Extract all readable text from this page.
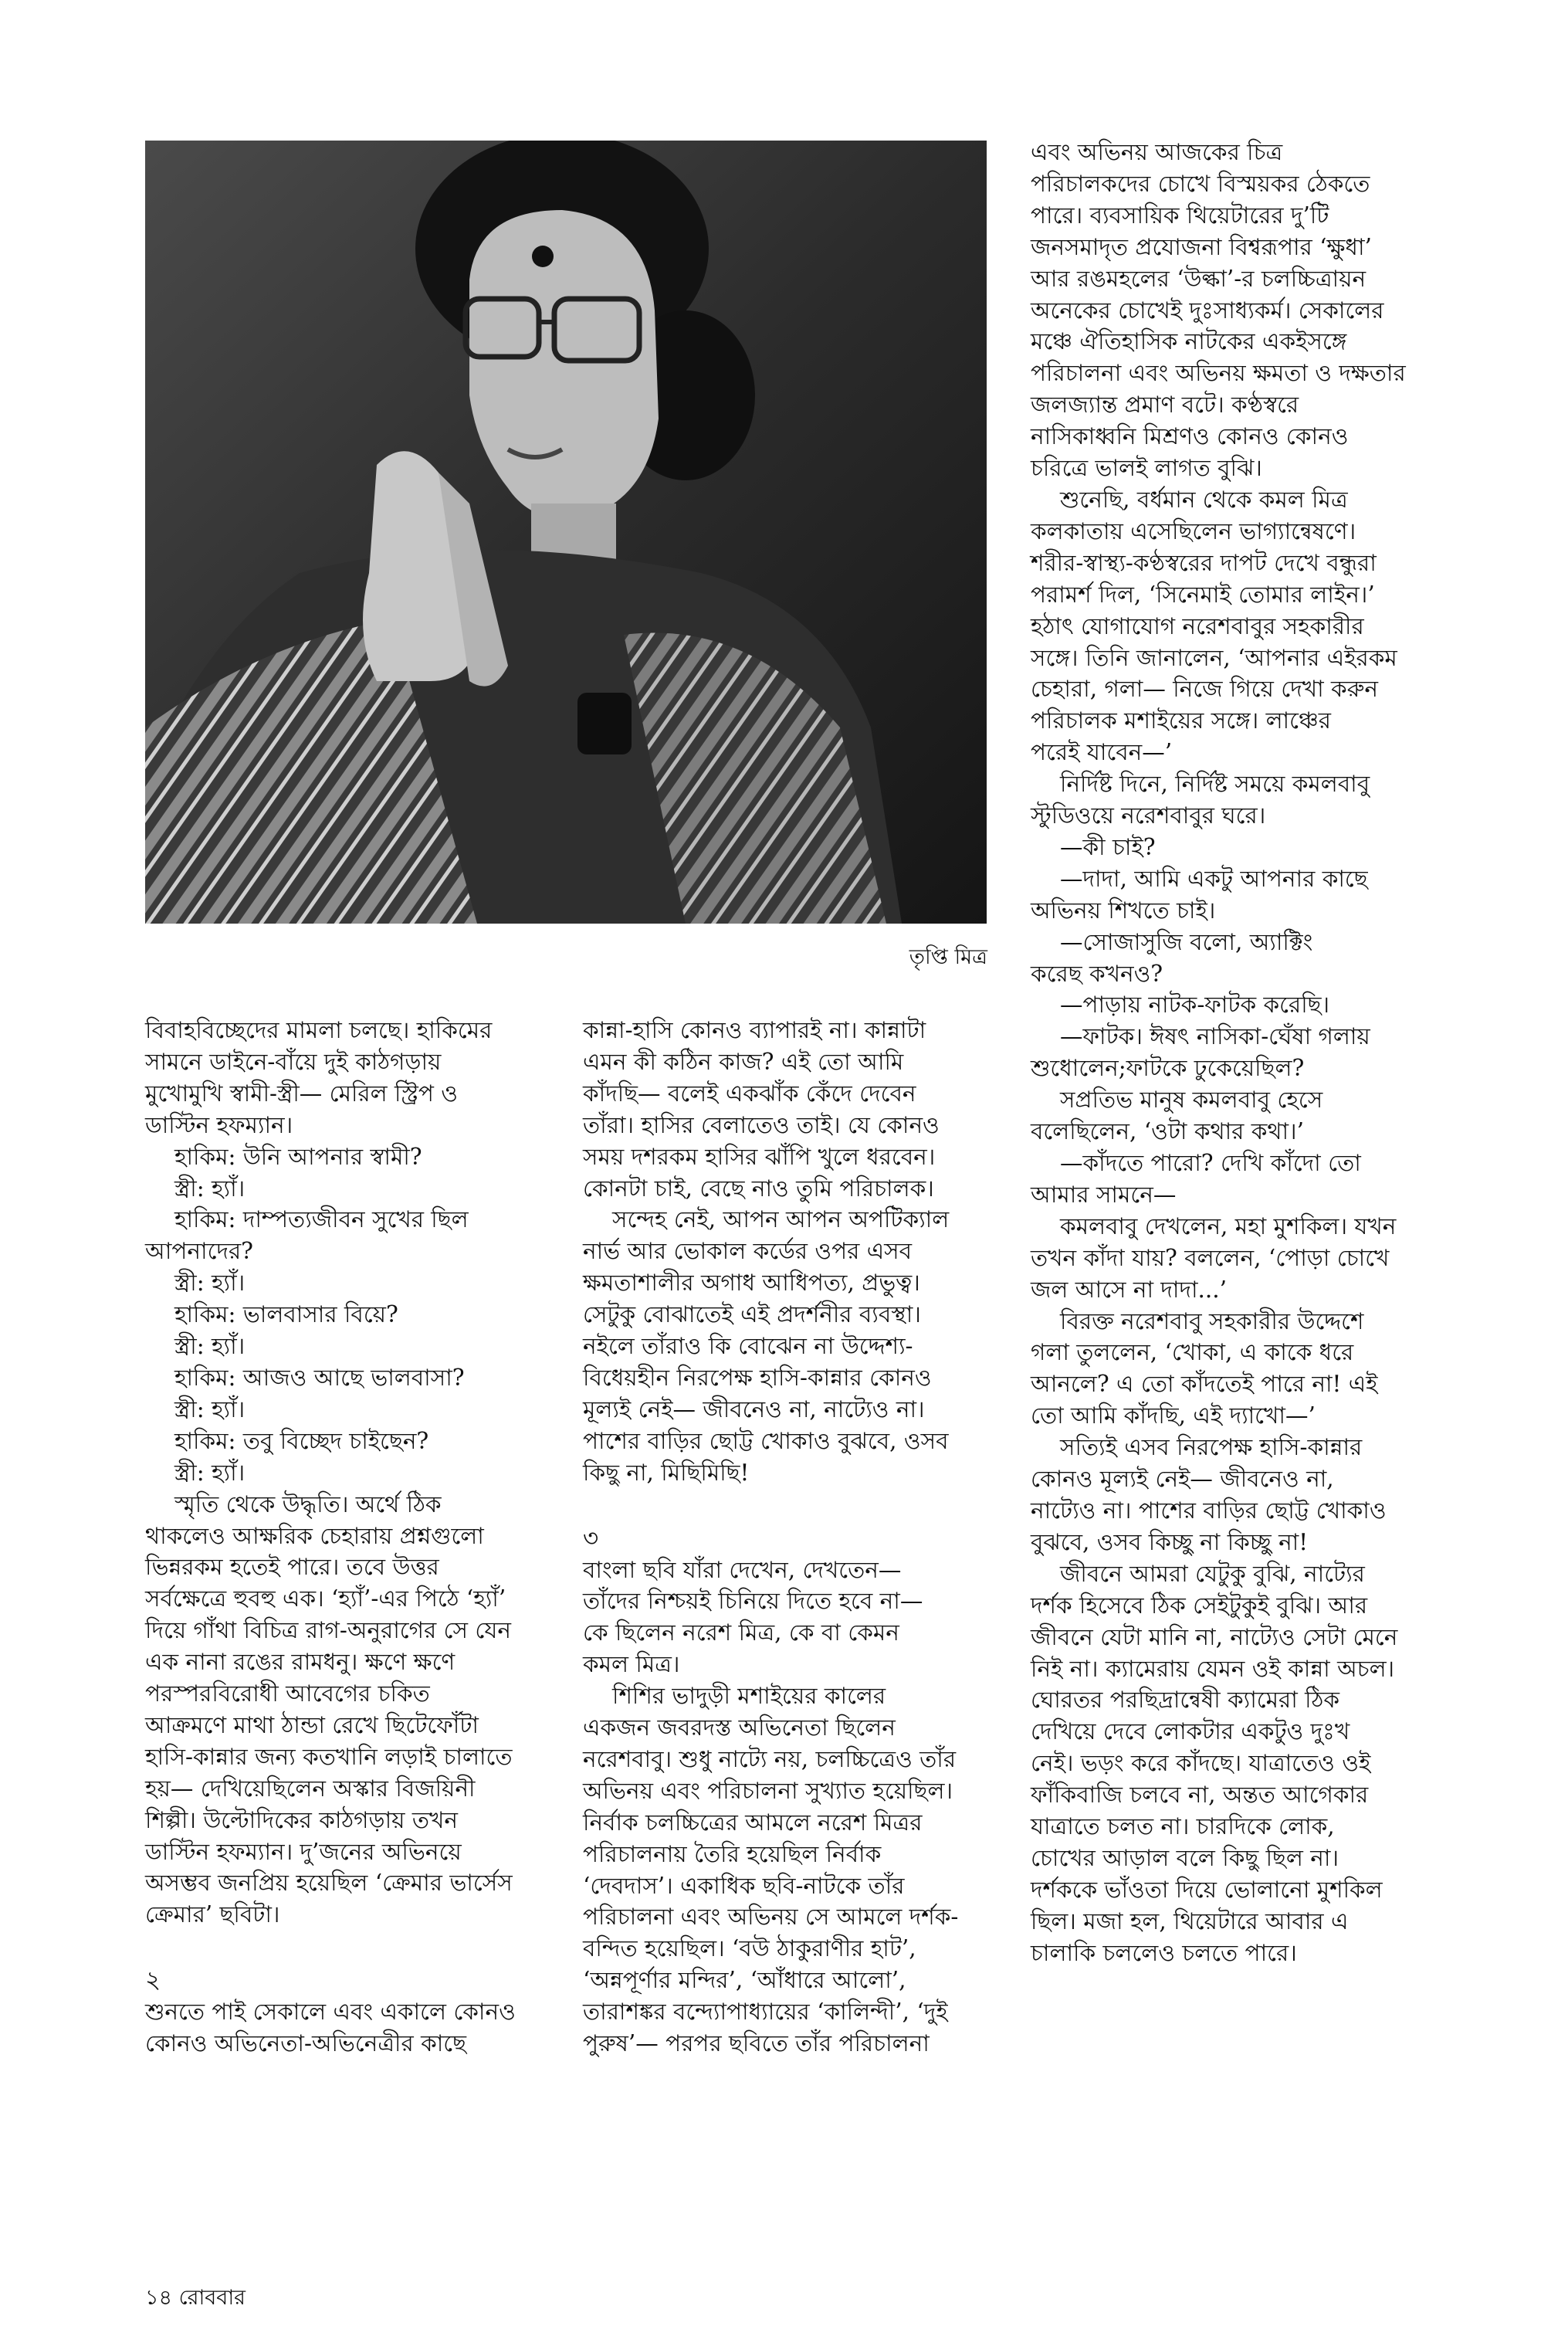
তৃপ্তি মিত্র

এবং অভিনয় আজকের চিত্র

পরিচালকদের চোখে বিস্ময়কর ঠেকতে

পারে। ব্যবসায়িক থিয়েটারের দু’টি

জনসমাদৃত প্রযোজনা বিশ্বরূপার ‘ক্ষুধা’

আর রঙমহলের ‘উল্কা’-র চলচ্চিত্রায়ন

অনেকের চোখেই দুঃসাধ্যকর্ম। সেকালের

মঞ্চে ঐতিহাসিক নাটকের একইসঙ্গে

পরিচালনা এবং অভিনয় ক্ষমতা ও দক্ষতার

জলজ্যান্ত প্রমাণ বটে। কণ্ঠস্বরে

নাসিকাধ্বনি মিশ্রণও কোনও কোনও

চরিত্রে ভালই লাগত বুঝি।

শুনেছি, বর্ধমান থেকে কমল মিত্র

কলকাতায় এসেছিলেন ভাগ্যান্বেষণে।

শরীর-স্বাস্থ্য-কণ্ঠস্বরের দাপট দেখে বন্ধুরা

পরামর্শ দিল, ‘সিনেমাই তোমার লাইন।’

হঠাৎ যোগাযোগ নরেশবাবুর সহকারীর

সঙ্গে। তিনি জানালেন, ‘আপনার এইরকম

চেহারা, গলা— নিজে গিয়ে দেখা করুন

পরিচালক মশাইয়ের সঙ্গে। লাঞ্চের

পরেই যাবেন—’

নির্দিষ্ট দিনে, নির্দিষ্ট সময়ে কমলবাবু

স্টুডিওয়ে নরেশবাবুর ঘরে।

—কী চাই?

—দাদা, আমি একটু আপনার কাছে

অভিনয় শিখতে চাই।

—সোজাসুজি বলো, অ্যাক্টিং

করেছ কখনও?

—পাড়ায় নাটক-ফাটক করেছি।

—ফাটক। ঈষৎ নাসিকা-ঘেঁষা গলায়

শুধোলেন;ফাটকে ঢুকেয়েছিল?

সপ্রতিভ মানুষ কমলবাবু হেসে

বলেছিলেন, ‘ওটা কথার কথা।’

—কাঁদতে পারো? দেখি কাঁদো তো

আমার সামনে—

কমলবাবু দেখলেন, মহা মুশকিল। যখন

তখন কাঁদা যায়? বললেন, ‘পোড়া চোখে

জল আসে না দাদা...’

বিরক্ত নরেশবাবু সহকারীর উদ্দেশে

গলা তুললেন, ‘খোকা, এ কাকে ধরে

আনলে? এ তো কাঁদতেই পারে না! এই

তো আমি কাঁদছি, এই দ্যাখো—’

সত্যিই এসব নিরপেক্ষ হাসি-কান্নার

কোনও মূল্যই নেই— জীবনেও না,

নাট্যেও না। পাশের বাড়ির ছোট্ট খোকাও

বুঝবে, ওসব কিচ্ছু না কিচ্ছু না!

জীবনে আমরা যেটুকু বুঝি, নাট্যের

দর্শক হিসেবে ঠিক সেইটুকুই বুঝি। আর

জীবনে যেটা মানি না, নাট্যেও সেটা মেনে

নিই না। ক্যামেরায় যেমন ওই কান্না অচল।

ঘোরতর পরছিদ্রান্বেষী ক্যামেরা ঠিক

দেখিয়ে দেবে লোকটার একটুও দুঃখ

নেই। ভড়ং করে কাঁদছে। যাত্রাতেও ওই

ফাঁকিবাজি চলবে না, অন্তত আগেকার

যাত্রাতে চলত না। চারদিকে লোক,

চোখের আড়াল বলে কিছু ছিল না।

দর্শককে ভাঁওতা দিয়ে ভোলানো মুশকিল

ছিল। মজা হল, থিয়েটারে আবার এ

চালাকি চললেও চলতে পারে।

বিবাহবিচ্ছেদের মামলা চলছে। হাকিমের

সামনে ডাইনে-বাঁয়ে দুই কাঠগড়ায়

মুখোমুখি স্বামী-স্ত্রী— মেরিল স্ট্রিপ ও

ডাস্টিন হফম্যান।

হাকিম: উনি আপনার স্বামী?

স্ত্রী: হ্যাঁ।

হাকিম: দাম্পত্যজীবন সুখের ছিল

আপনাদের?

স্ত্রী: হ্যাঁ।

হাকিম: ভালবাসার বিয়ে?

স্ত্রী: হ্যাঁ।

হাকিম: আজও আছে ভালবাসা?

স্ত্রী: হ্যাঁ।

হাকিম: তবু বিচ্ছেদ চাইছেন?

স্ত্রী: হ্যাঁ।

স্মৃতি থেকে উদ্ধৃতি। অর্থে ঠিক

থাকলেও আক্ষরিক চেহারায় প্রশ্নগুলো

ভিন্নরকম হতেই পারে। তবে উত্তর

সর্বক্ষেত্রে হুবহু এক। ‘হ্যাঁ’-এর পিঠে ‘হ্যাঁ’

দিয়ে গাঁথা বিচিত্র রাগ-অনুরাগের সে যেন

এক নানা রঙের রামধনু। ক্ষণে ক্ষণে

পরস্পরবিরোধী আবেগের চকিত

আক্রমণে মাথা ঠান্ডা রেখে ছিটেফোঁটা

হাসি-কান্নার জন্য কতখানি লড়াই চালাতে

হয়— দেখিয়েছিলেন অস্কার বিজয়িনী

শিল্পী। উল্টোদিকের কাঠগড়ায় তখন

ডাস্টিন হফম্যান। দু’জনের অভিনয়ে

অসম্ভব জনপ্রিয় হয়েছিল ‘ক্রেমার ভার্সেস

ক্রেমার’ ছবিটা।

২

শুনতে পাই সেকালে এবং একালে কোনও

কোনও অভিনেতা-অভিনেত্রীর কাছে

কান্না-হাসি কোনও ব্যাপারই না। কান্নাটা

এমন কী কঠিন কাজ? এই তো আমি

কাঁদছি— বলেই একঝাঁক কেঁদে দেবেন

তাঁরা। হাসির বেলাতেও তাই। যে কোনও

সময় দশরকম হাসির ঝাঁপি খুলে ধরবেন।

কোনটা চাই, বেছে নাও তুমি পরিচালক।

সন্দেহ নেই, আপন আপন অপটিক্যাল

নার্ভ আর ভোকাল কর্ডের ওপর এসব

ক্ষমতাশালীর অগাধ আধিপত্য, প্রভুত্ব।

সেটুকু বোঝাতেই এই প্রদর্শনীর ব্যবস্থা।

নইলে তাঁরাও কি বোঝেন না উদ্দেশ্য-

বিধেয়হীন নিরপেক্ষ হাসি-কান্নার কোনও

মূল্যই নেই— জীবনেও না, নাট্যেও না।

পাশের বাড়ির ছোট্ট খোকাও বুঝবে, ওসব

কিছু না, মিছিমিছি!

৩

বাংলা ছবি যাঁরা দেখেন, দেখতেন—

তাঁদের নিশ্চয়ই চিনিয়ে দিতে হবে না—

কে ছিলেন নরেশ মিত্র, কে বা কেমন

কমল মিত্র।

শিশির ভাদুড়ী মশাইয়ের কালের

একজন জবরদস্ত অভিনেতা ছিলেন

নরেশবাবু। শুধু নাট্যে নয়, চলচ্চিত্রেও তাঁর

অভিনয় এবং পরিচালনা সুখ্যাত হয়েছিল।

নির্বাক চলচ্চিত্রের আমলে নরেশ মিত্রর

পরিচালনায় তৈরি হয়েছিল নির্বাক

‘দেবদাস’। একাধিক ছবি-নাটকে তাঁর

পরিচালনা এবং অভিনয় সে আমলে দর্শক-

বন্দিত হয়েছিল। ‘বউ ঠাকুরাণীর হাট’,

‘অন্নপূর্ণার মন্দির’, ‘আঁধারে আলো’,

তারাশঙ্কর বন্দ্যোপাধ্যায়ের ‘কালিন্দী’, ‘দুই

পুরুষ’— পরপর ছবিতে তাঁর পরিচালনা

১৪ রোববার
